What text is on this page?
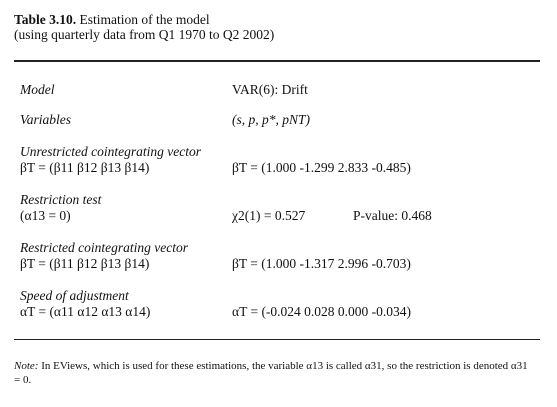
Table 3.10. Estimation of the model
(using quarterly data from Q1 1970 to Q2 2002)
Model	VAR(6): Drift
Variables	(s, p, p*, pNT)
Unrestricted cointegrating vector
βT = (β11 β12 β13 β14)	βT = (1.000 -1.299 2.833 -0.485)
Restriction test
(α13 = 0)	χ2(1) = 0.527	P-value: 0.468
Restricted cointegrating vector
βT = (β11 β12 β13 β14)	βT = (1.000 -1.317 2.996 -0.703)
Speed of adjustment
αT = (α11 α12 α13 α14)	αT = (-0.024 0.028 0.000 -0.034)
Note: In EViews, which is used for these estimations, the variable α13 is called α31, so the restriction is denoted α31 = 0.
